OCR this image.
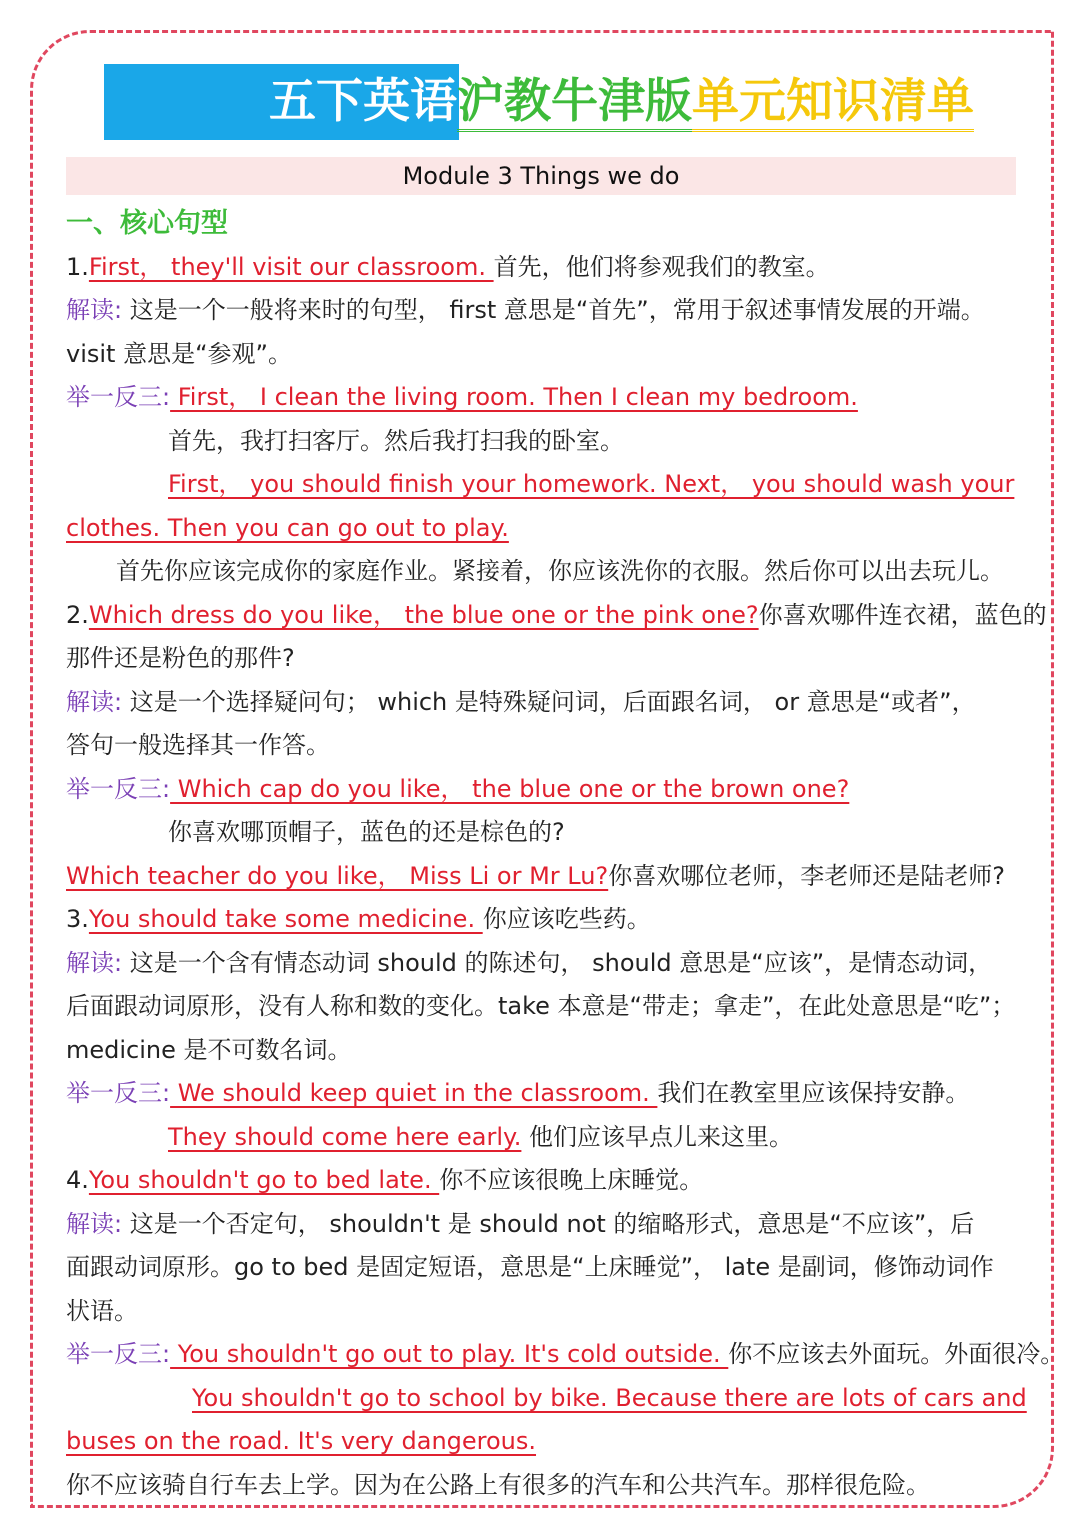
五下英语沪教牛津版单元知识清单
Module 3 Things we do
一、核心句型
1.First， they'll visit our classroom. 首先，他们将参观我们的教室。
解读: 这是一个一般将来时的句型， first 意思是“首先”，常用于叙述事情发展的开端。
visit 意思是“参观”。
举一反三: First， I clean the living room. Then I clean my bedroom.
首先，我打扫客厅。然后我打扫我的卧室。
First， you should finish your homework. Next， you should wash your
clothes. Then you can go out to play.
首先你应该完成你的家庭作业。紧接着，你应该洗你的衣服。然后你可以出去玩儿。
2.Which dress do you like， the blue one or the pink one?你喜欢哪件连衣裙，蓝色的
那件还是粉色的那件?
解读: 这是一个选择疑问句； which 是特殊疑问词，后面跟名词， or 意思是“或者”，
答句一般选择其一作答。
举一反三: Which cap do you like， the blue one or the brown one?
你喜欢哪顶帽子，蓝色的还是棕色的?
Which teacher do you like， Miss Li or Mr Lu?你喜欢哪位老师，李老师还是陆老师?
3.You should take some medicine. 你应该吃些药。
解读: 这是一个含有情态动词 should 的陈述句， should 意思是“应该”，是情态动词，
后面跟动词原形，没有人称和数的变化。take 本意是“带走；拿走”，在此处意思是“吃”；
medicine 是不可数名词。
举一反三: We should keep quiet in the classroom. 我们在教室里应该保持安静。
They should come here early. 他们应该早点儿来这里。
4.You shouldn't go to bed late. 你不应该很晚上床睡觉。
解读: 这是一个否定句， shouldn't 是 should not 的缩略形式，意思是“不应该”，后
面跟动词原形。go to bed 是固定短语，意思是“上床睡觉”， late 是副词，修饰动词作
状语。
举一反三: You shouldn't go out to play. It's cold outside. 你不应该去外面玩。外面很冷。
You shouldn't go to school by bike. Because there are lots of cars and
buses on the road. It's very dangerous.
你不应该骑自行车去上学。因为在公路上有很多的汽车和公共汽车。那样很危险。
